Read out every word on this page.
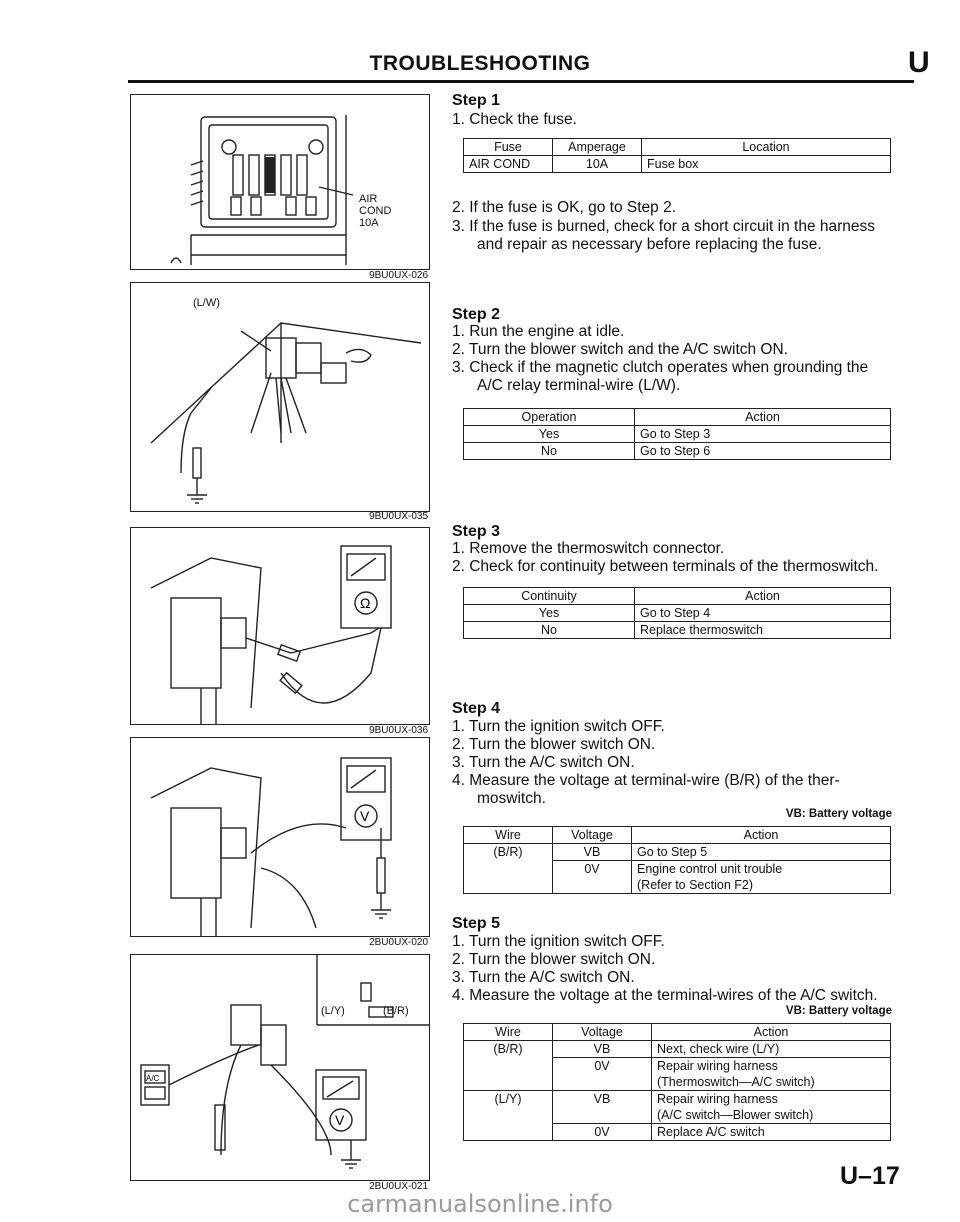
TROUBLESHOOTING	U
AIR
COND
10A
9BU0UX-026
(L/W)
9BU0UX-035
Ω
9BU0UX-036
V
2BU0UX-020
V
A/C
(L/Y)	(B/R)
2BU0UX-021
Step 1
1. Check the fuse.
Fuse	Amperage	Location
AIR COND	10A	Fuse box
2. If the fuse is OK, go to Step 2.
3. If the fuse is burned, check for a short circuit in the harness
and repair as necessary before replacing the fuse.
Step 2
1. Run the engine at idle.
2. Turn the blower switch and the A/C switch ON.
3. Check if the magnetic clutch operates when grounding the
A/C relay terminal-wire (L/W).
Operation	Action
Yes	Go to Step 3
No	Go to Step 6
Step 3
1. Remove the thermoswitch connector.
2. Check for continuity between terminals of the thermoswitch.
Continuity	Action
Yes	Go to Step 4
No	Replace thermoswitch
Step 4
1. Turn the ignition switch OFF.
2. Turn the blower switch ON.
3. Turn the A/C switch ON.
4. Measure the voltage at terminal-wire (B/R) of the ther-
moswitch.
VB: Battery voltage
Wire	Voltage	Action
(B/R)	VB	Go to Step 5
	0V	Engine control unit trouble
		(Refer to Section F2)
Step 5
1. Turn the ignition switch OFF.
2. Turn the blower switch ON.
3. Turn the A/C switch ON.
4. Measure the voltage at the terminal-wires of the A/C switch.
VB: Battery voltage
Wire	Voltage	Action
(B/R)	VB	Next, check wire (L/Y)
	0V	Repair wiring harness
		(Thermoswitch—A/C switch)
(L/Y)	VB	Repair wiring harness
		(A/C switch—Blower switch)
	0V	Replace A/C switch
U–17
carmanualsonline.info
